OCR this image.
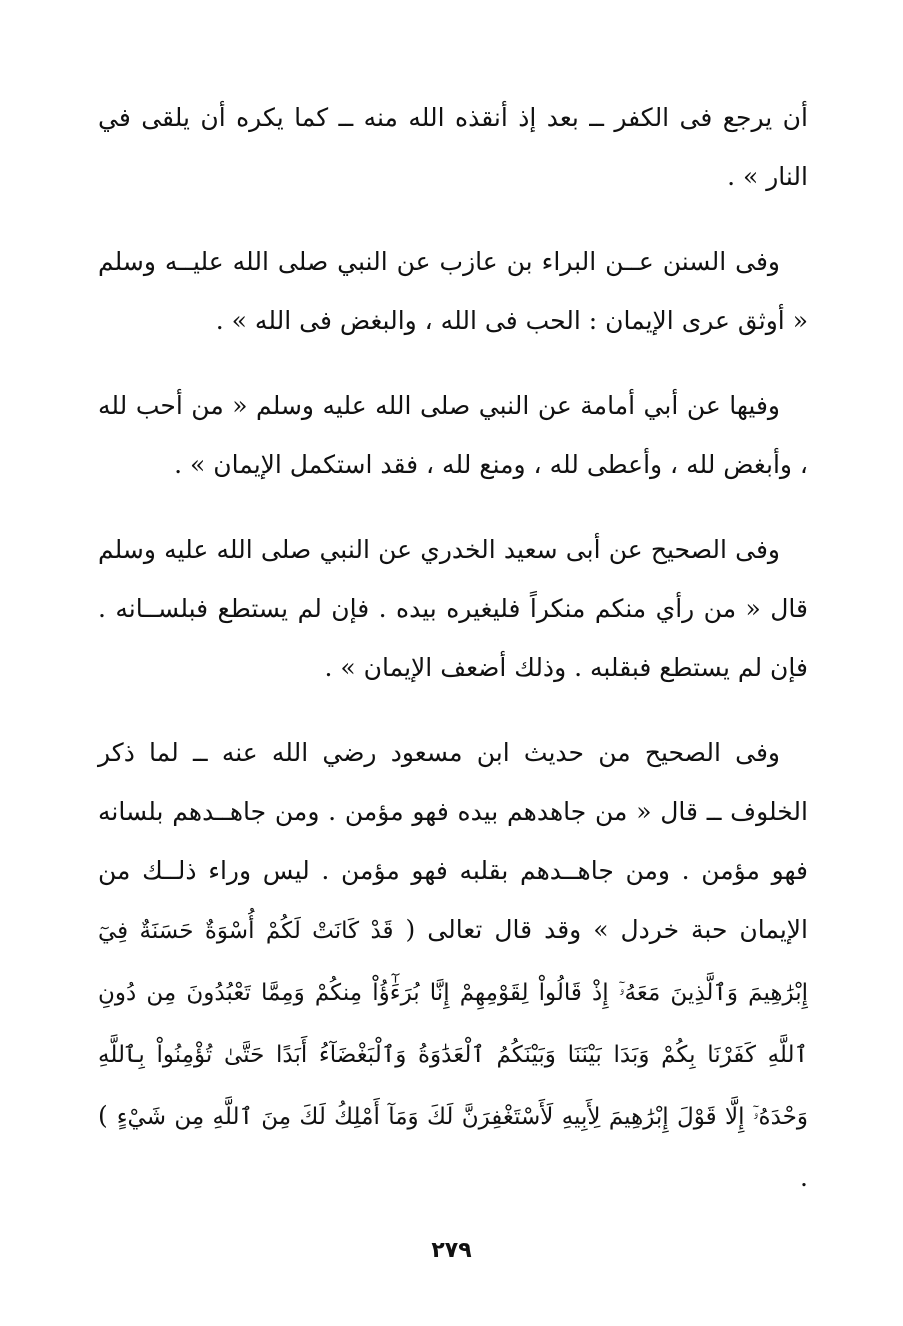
أن يرجع فى الكفر ــ بعد إذ أنقذه الله منه ــ كما يكره أن يلقى في النار » .

وفى السنن عــن البراء بن عازب عن النبي صلى الله عليــه وسلم « أوثق عرى الإيمان : الحب فى الله ، والبغض فى الله » .

وفيها عن أبي أمامة عن النبي صلى الله عليه وسلم « من أحب لله ، وأبغض لله ، وأعطى لله ، ومنع لله ، فقد استكمل الإيمان » .

وفى الصحيح عن أبى سعيد الخدري عن النبي صلى الله عليه وسلم قال « من رأي منكم منكراً فليغيره بيده . فإن لم يستطع فبلســانه . فإن لم يستطع فبقلبه . وذلك أضعف الإيمان » .

وفى الصحيح من حديث ابن مسعود رضي الله عنه ــ لما ذكر الخلوف ــ قال « من جاهدهم بيده فهو مؤمن . ومن جاهــدهم بلسانه فهو مؤمن . ومن جاهــدهم بقلبه فهو مؤمن . ليس وراء ذلــك من الإيمان حبة خردل » وقد قال تعالى ( قَدْ كَانَتْ لَكُمْ أُسْوَةٌ حَسَنَةٌ فِيٓ إِبْرَٰهِيمَ وَٱلَّذِينَ مَعَهُۥٓ إِذْ قَالُواْ لِقَوْمِهِمْ إِنَّا بُرَءَٰٓؤُاْ مِنكُمْ وَمِمَّا تَعْبُدُونَ مِن دُونِ ٱللَّهِ كَفَرْنَا بِكُمْ وَبَدَا بَيْنَنَا وَبَيْنَكُمُ ٱلْعَدَٰوَةُ وَٱلْبَغْضَآءُ أَبَدًا حَتَّىٰ تُؤْمِنُواْ بِٱللَّهِ وَحْدَهُۥٓ إِلَّا قَوْلَ إِبْرَٰهِيمَ لِأَبِيهِ لَأَسْتَغْفِرَنَّ لَكَ وَمَآ أَمْلِكُ لَكَ مِنَ ٱللَّهِ مِن شَيْءٍ ) .

٢٧٩
